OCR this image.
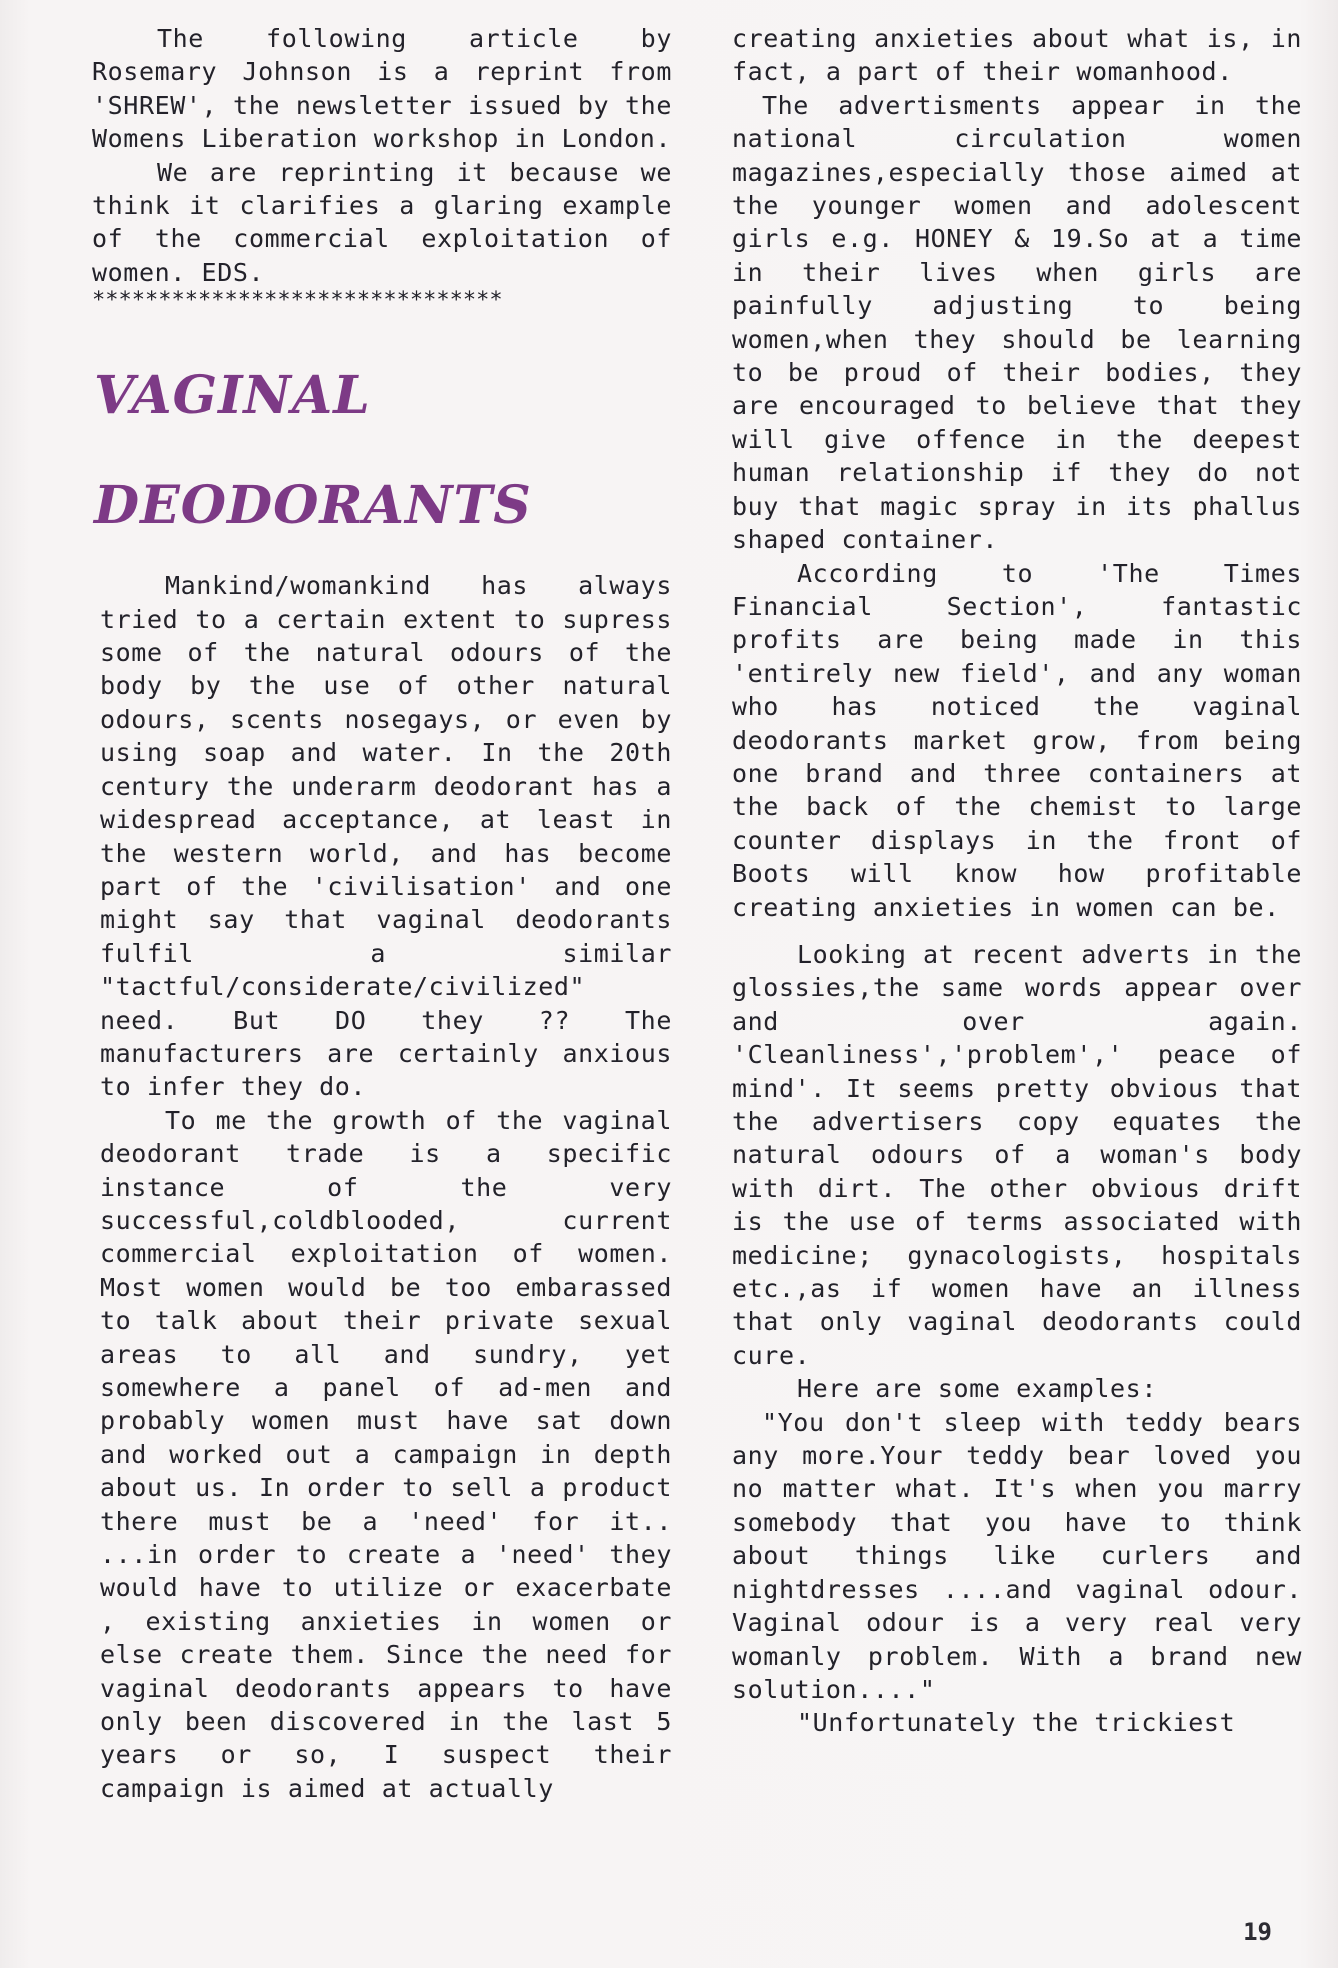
The following article by Rosemary Johnson is a reprint from 'SHREW', the newsletter issued by the Womens Liberation workshop in London.

We are reprinting it because we think it clarifies a glaring example of the commercial exploitation of women. EDS.

*******************************

VAGINAL
DEODORANTS

Mankind/womankind has always tried to a certain extent to supress some of the natural odours of the body by the use of other natural odours, scents nosegays, or even by using soap and water. In the 20th century the underarm deodorant has a widespread acceptance, at least in the western world, and has become part of the 'civilisation' and one might say that vaginal deodorants fulfil a similar "tactful/considerate/civilized" need. But DO they ?? The manufacturers are certainly anxious to infer they do.

To me the growth of the vaginal deodorant trade is a specific instance of the very successful,coldblooded, current commercial exploitation of women. Most women would be too embarassed to talk about their private sexual areas to all and sundry, yet somewhere a panel of ad-men and probably women must have sat down and worked out a campaign in depth about us. In order to sell a product there must be a 'need' for it.. ...in order to create a 'need' they would have to utilize or exacerbate , existing anxieties in women or else create them. Since the need for vaginal deodorants appears to have only been discovered in the last 5 years or so, I suspect their campaign is aimed at actually

creating anxieties about what is, in fact, a part of their womanhood.

The advertisments appear in the national circulation women magazines,especially those aimed at the younger women and adolescent girls e.g. HONEY & 19.So at a time in their lives when girls are painfully adjusting to being women,when they should be learning to be proud of their bodies, they are encouraged to believe that they will give offence in the deepest human relationship if they do not buy that magic spray in its phallus shaped container.

According to 'The Times Financial Section', fantastic profits are being made in this 'entirely new field', and any woman who has noticed the vaginal deodorants market grow, from being one brand and three containers at the back of the chemist to large counter displays in the front of Boots will know how profitable creating anxieties in women can be.

Looking at recent adverts in the glossies,the same words appear over and over again. 'Cleanliness','problem',' peace of mind'. It seems pretty obvious that the advertisers copy equates the natural odours of a woman's body with dirt. The other obvious drift is the use of terms associated with medicine; gynacologists, hospitals etc.,as if women have an illness that only vaginal deodorants could cure.

Here are some examples:

"You don't sleep with teddy bears any more.Your teddy bear loved you no matter what. It's when you marry somebody that you have to think about things like curlers and nightdresses ....and vaginal odour. Vaginal odour is a very real very womanly problem. With a brand new solution...."

"Unfortunately the trickiest

19
